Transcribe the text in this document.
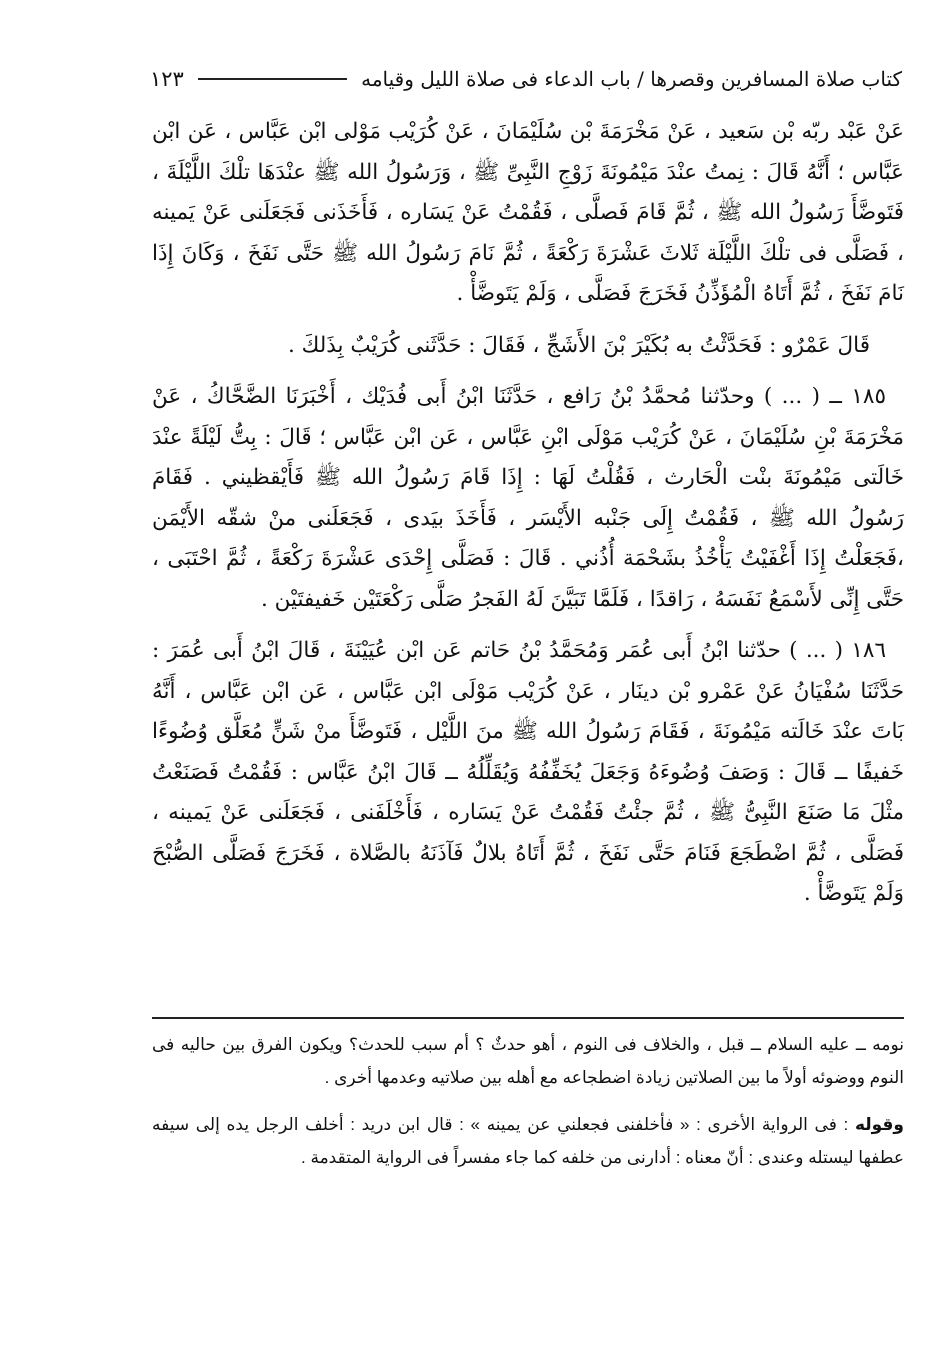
كتاب صلاة المسافرين وقصرها / باب الدعاء فى صلاة الليل وقيامه
١٢٣

عَنْ عَبْد ربّه بْن سَعيد ، عَنْ مَخْرَمَةَ بْن سُلَيْمَانَ ، عَنْ كُرَيْب مَوْلى ابْن عَبَّاس ، عَن ابْن عَبَّاس ؛ أَنَّهُ قَالَ : نِمتُ عنْدَ مَيْمُونَةَ زَوْجِ النَّبِىِّ ﷺ ، وَرَسُولُ الله ﷺ عنْدَهَا تلْكَ اللَّيْلَةَ ، فَتَوضَّأَ رَسُولُ الله ﷺ ، ثُمَّ قَامَ فَصلَّى ، فَقُمْتُ عَنْ يَسَاره ، فَأَخَذَنى فَجَعَلَنى عَنْ يَمينه ، فَصَلَّى فى تلْكَ اللَّيْلَة ثَلاثَ عَشْرَةَ رَكْعَةً ، ثُمَّ نَامَ رَسُولُ الله ﷺ حَتَّى نَفَخَ ، وَكَانَ إِذَا نَامَ نَفَخَ ، ثُمَّ أَتَاهُ الْمُؤَذِّنُ فَخَرَجَ فَصَلَّى ، وَلَمْ يَتَوضَّأْ .

قَالَ عَمْرٌو : فَحَدَّثْتُ به بُكَيْرَ بْنَ الأَشَجِّ ، فَقَالَ : حَدَّثَنى كُرَيْبٌ بِذَلكَ .

١٨٥ ــ ( ... ) وحدّثنا مُحمَّدُ بْنُ رَافع ، حَدَّثَنَا ابْنُ أَبى فُدَيْك ، أَخْبَرَنَا الضَّحَّاكُ ، عَنْ مَخْرَمَةَ بْنِ سُلَيْمَانَ ، عَنْ كُرَيْب مَوْلَى ابْنِ عَبَّاس ، عَن ابْن عَبَّاس ؛ قَالَ : بِتُّ لَيْلَةً عنْدَ خَالَتى مَيْمُونَةَ بنْت الْحَارث ، فَقُلْتُ لَهَا : إِذَا قَامَ رَسُولُ الله ﷺ فَأَيْقظيني . فَقَامَ رَسُولُ الله ﷺ ، فَقُمْتُ إِلَى جَنْبه الأَيْسَر ، فَأَخَذَ بيَدى ، فَجَعَلَنى منْ شقّه الأَيْمَن ،فَجَعَلْتُ إِذَا أَغْفَيْتُ يَأْخُذُ بشَحْمَة أُذُني . قَالَ : فَصَلَّى إِحْدَى عَشْرَةَ رَكْعَةً ، ثُمَّ احْتَبَى ، حَتَّى إِنِّى لأَسْمَعُ نَفَسَهُ ، رَاقدًا ، فَلَمَّا تَبَيَّنَ لَهُ الفَجرُ صَلَّى رَكْعَتَيْن خَفيفتَيْن .

١٨٦ ( ... ) حدّثنا ابْنُ أَبى عُمَر وَمُحَمَّدُ بْنُ حَاتم عَن ابْن عُيَيْنَةَ ، قَالَ ابْنُ أَبى عُمَرَ : حَدَّثَنَا سُفْيَانُ عَنْ عَمْرو بْن دينَار ، عَنْ كُرَيْب مَوْلَى ابْن عَبَّاس ، عَن ابْن عَبَّاس ، أَنَّهُ بَاتَ عنْدَ خَالَته مَيْمُونَةَ ، فَقَامَ رَسُولُ الله ﷺ منَ اللَّيْل ، فَتَوضَّأَ منْ شَنٍّ مُعَلَّق وُضُوءًا خَفيفًا ــ قَالَ : وَصَفَ وُضُوءَهُ وَجَعَلَ يُخَفِّفُهُ وَيُقَلِّلُهُ ــ قَالَ ابْنُ عَبَّاس : فَقُمْتُ فَصَنَعْتُ مثْلَ مَا صَنَعَ النَّبِىُّ ﷺ ، ثُمَّ جئْتُ فَقُمْتُ عَنْ يَسَاره ، فَأَخْلَفَنى ، فَجَعَلَنى عَنْ يَمينه ، فَصَلَّى ، ثُمَّ اضْطَجَعَ فَنَامَ حَتَّى نَفَخَ ، ثُمَّ أَتَاهُ بلالٌ فَآذَنَهُ بالصَّلاة ، فَخَرَجَ فَصَلَّى الصُّبْحَ وَلَمْ يَتَوضَّأْ .

نومه ــ عليه السلام ــ قبل ، والخلاف فى النوم ، أهو حدثٌ ؟ أم سبب للحدث؟ ويكون الفرق بين حاليه فى النوم ووضوئه أولاً ما بين الصلاتين زيادة اضطجاعه مع أهله بين صلاتيه وعدمها أخرى .

وقوله : فى الرواية الأخرى : « فأخلفنى فجعلني عن يمينه » : قال ابن دريد : أخلف الرجل يده إلى سيفه عطفها ليستله وعندى : أنّ معناه : أدارنى من خلفه كما جاء مفسراً فى الرواية المتقدمة .
